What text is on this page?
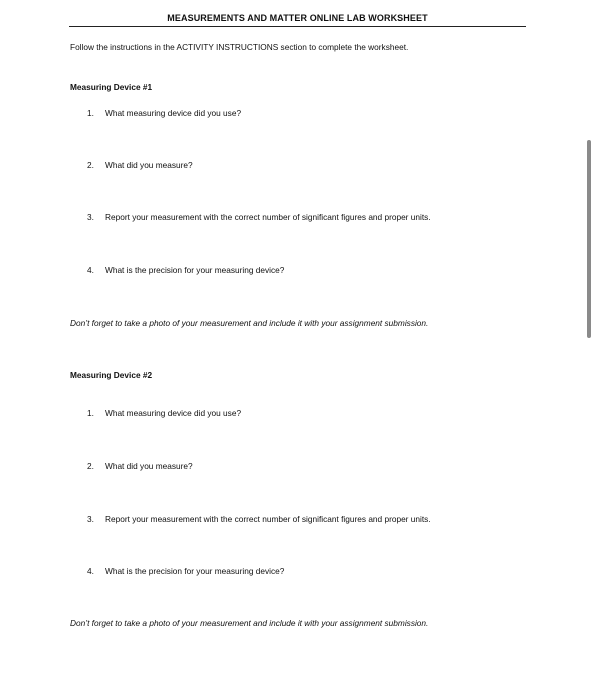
MEASUREMENTS AND MATTER ONLINE LAB WORKSHEET
Follow the instructions in the ACTIVITY INSTRUCTIONS section to complete the worksheet.
Measuring Device #1
1. What measuring device did you use?
2. What did you measure?
3. Report your measurement with the correct number of significant figures and proper units.
4. What is the precision for your measuring device?
Don’t forget to take a photo of your measurement and include it with your assignment submission.
Measuring Device #2
1. What measuring device did you use?
2. What did you measure?
3. Report your measurement with the correct number of significant figures and proper units.
4. What is the precision for your measuring device?
Don’t forget to take a photo of your measurement and include it with your assignment submission.
